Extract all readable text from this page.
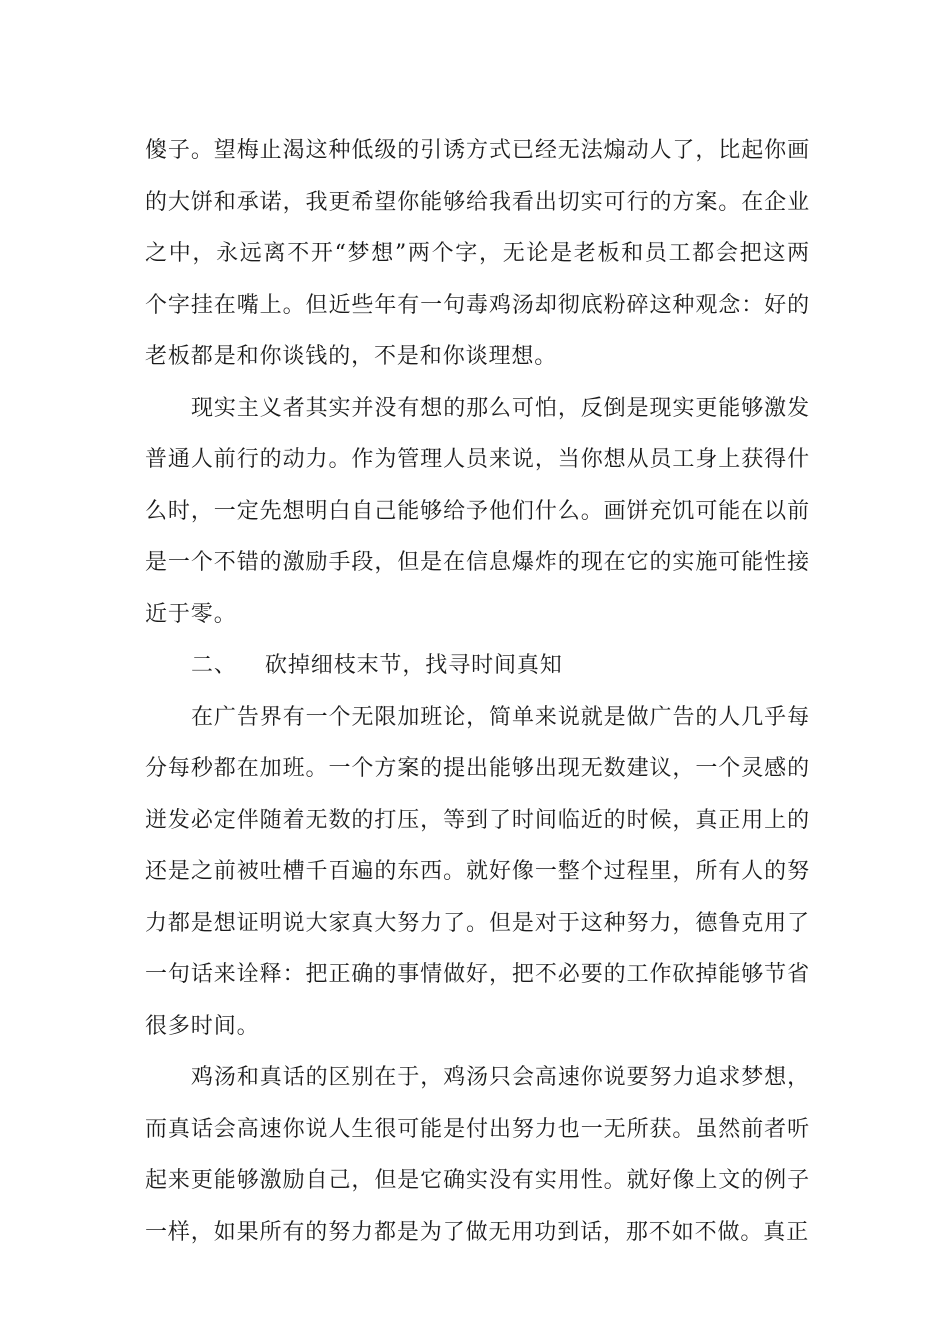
傻子。望梅止渴这种低级的引诱方式已经无法煽动人了，比起你画的大饼和承诺，我更希望你能够给我看出切实可行的方案。在企业之中，永远离不开“梦想”两个字，无论是老板和员工都会把这两个字挂在嘴上。但近些年有一句毒鸡汤却彻底粉碎这种观念：好的老板都是和你谈钱的，不是和你谈理想。

现实主义者其实并没有想的那么可怕，反倒是现实更能够激发普通人前行的动力。作为管理人员来说，当你想从员工身上获得什么时，一定先想明白自己能够给予他们什么。画饼充饥可能在以前是一个不错的激励手段，但是在信息爆炸的现在它的实施可能性接近于零。

二、 砍掉细枝末节，找寻时间真知

在广告界有一个无限加班论，简单来说就是做广告的人几乎每分每秒都在加班。一个方案的提出能够出现无数建议，一个灵感的迸发必定伴随着无数的打压，等到了时间临近的时候，真正用上的还是之前被吐槽千百遍的东西。就好像一整个过程里，所有人的努力都是想证明说大家真大努力了。但是对于这种努力，德鲁克用了一句话来诠释：把正确的事情做好，把不必要的工作砍掉能够节省很多时间。

鸡汤和真话的区别在于，鸡汤只会高速你说要努力追求梦想，而真话会高速你说人生很可能是付出努力也一无所获。虽然前者听起来更能够激励自己，但是它确实没有实用性。就好像上文的例子一样，如果所有的努力都是为了做无用功到话，那不如不做。真正
